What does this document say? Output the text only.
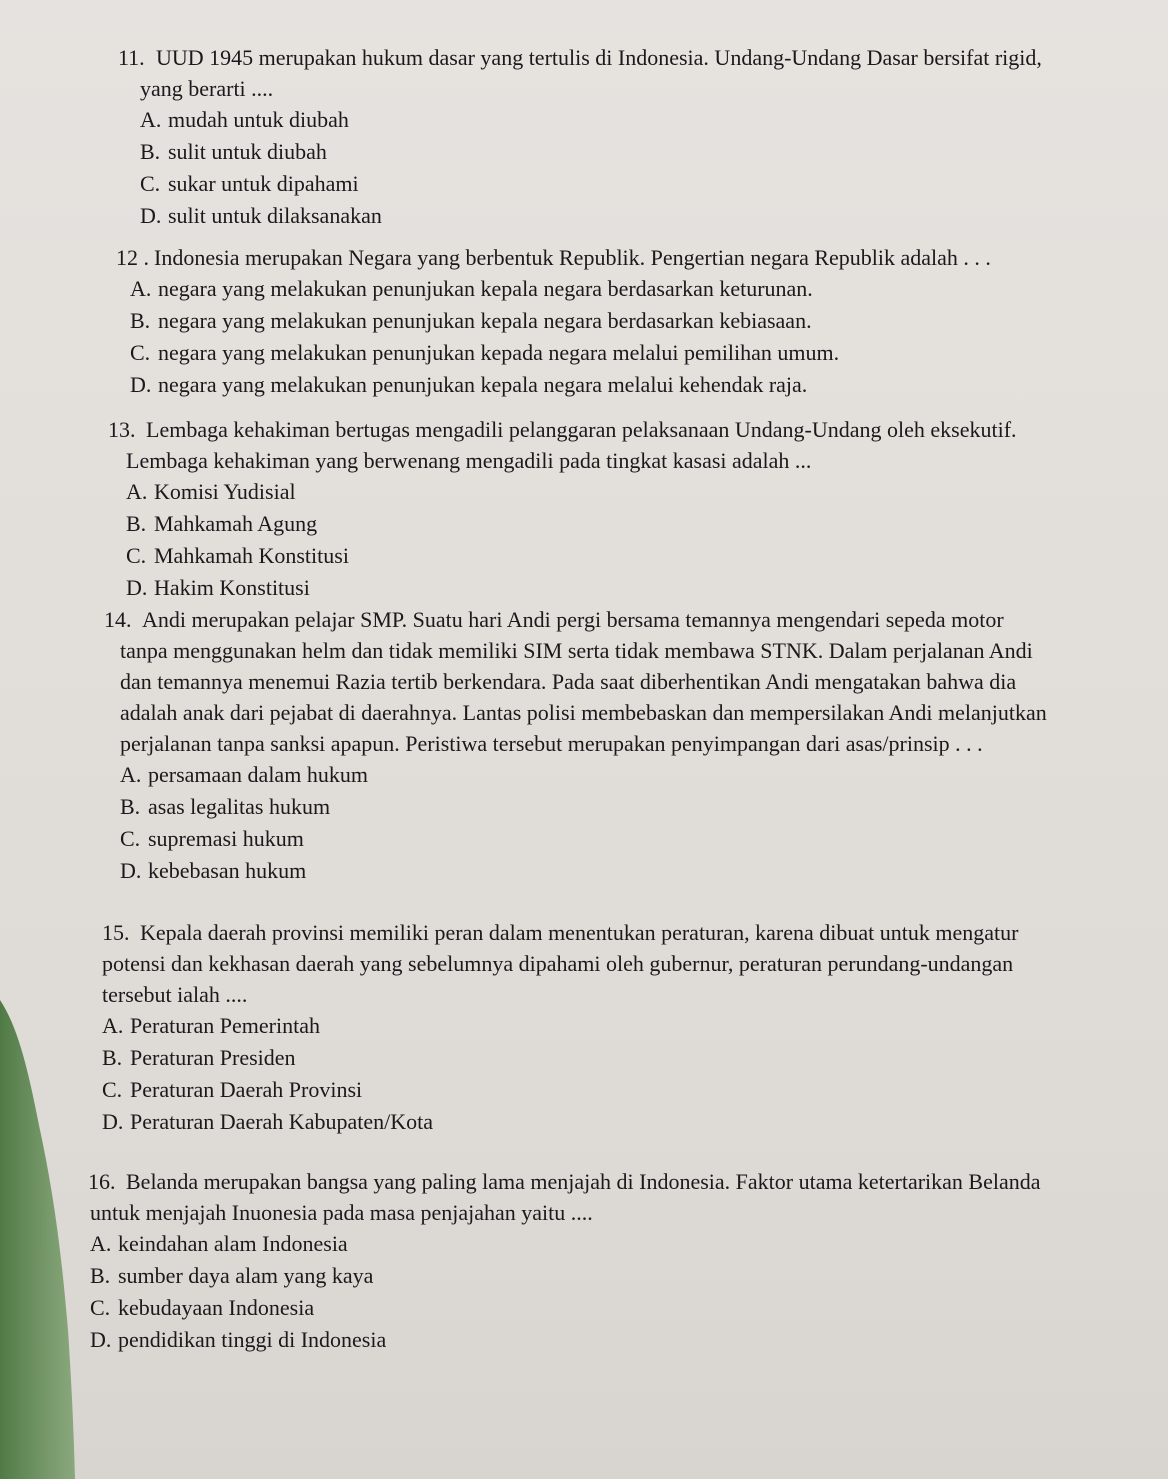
11. UUD 1945 merupakan hukum dasar yang tertulis di Indonesia. Undang-Undang Dasar bersifat rigid,
yang berarti ....
A. mudah untuk diubah
B. sulit untuk diubah
C. sukar untuk dipahami
D. sulit untuk dilaksanakan
12 . Indonesia merupakan Negara yang berbentuk Republik. Pengertian negara Republik adalah . . .
A. negara yang melakukan penunjukan kepala negara berdasarkan keturunan.
B. negara yang melakukan penunjukan kepala negara berdasarkan kebiasaan.
C. negara yang melakukan penunjukan kepada negara melalui pemilihan umum.
D. negara yang melakukan penunjukan kepala negara melalui kehendak raja.
13. Lembaga kehakiman bertugas mengadili pelanggaran pelaksanaan Undang-Undang oleh eksekutif.
Lembaga kehakiman yang berwenang mengadili pada tingkat kasasi adalah ...
A. Komisi Yudisial
B. Mahkamah Agung
C. Mahkamah Konstitusi
D. Hakim Konstitusi
14. Andi merupakan pelajar SMP. Suatu hari Andi pergi bersama temannya mengendari sepeda motor
tanpa menggunakan helm dan tidak memiliki SIM serta tidak membawa STNK. Dalam perjalanan Andi
dan temannya menemui Razia tertib berkendara. Pada saat diberhentikan Andi mengatakan bahwa dia
adalah anak dari pejabat di daerahnya. Lantas polisi membebaskan dan mempersilakan Andi melanjutkan
perjalanan tanpa sanksi apapun. Peristiwa tersebut merupakan penyimpangan dari asas/prinsip . . .
A. persamaan dalam hukum
B. asas legalitas hukum
C. supremasi hukum
D. kebebasan hukum
15. Kepala daerah provinsi memiliki peran dalam menentukan peraturan, karena dibuat untuk mengatur
potensi dan kekhasan daerah yang sebelumnya dipahami oleh gubernur, peraturan perundang-undangan
tersebut ialah ....
A. Peraturan Pemerintah
B. Peraturan Presiden
C. Peraturan Daerah Provinsi
D. Peraturan Daerah Kabupaten/Kota
16. Belanda merupakan bangsa yang paling lama menjajah di Indonesia. Faktor utama ketertarikan Belanda
untuk menjajah Inuonesia pada masa penjajahan yaitu ....
A. keindahan alam Indonesia
B. sumber daya alam yang kaya
C. kebudayaan Indonesia
D. pendidikan tinggi di Indonesia
